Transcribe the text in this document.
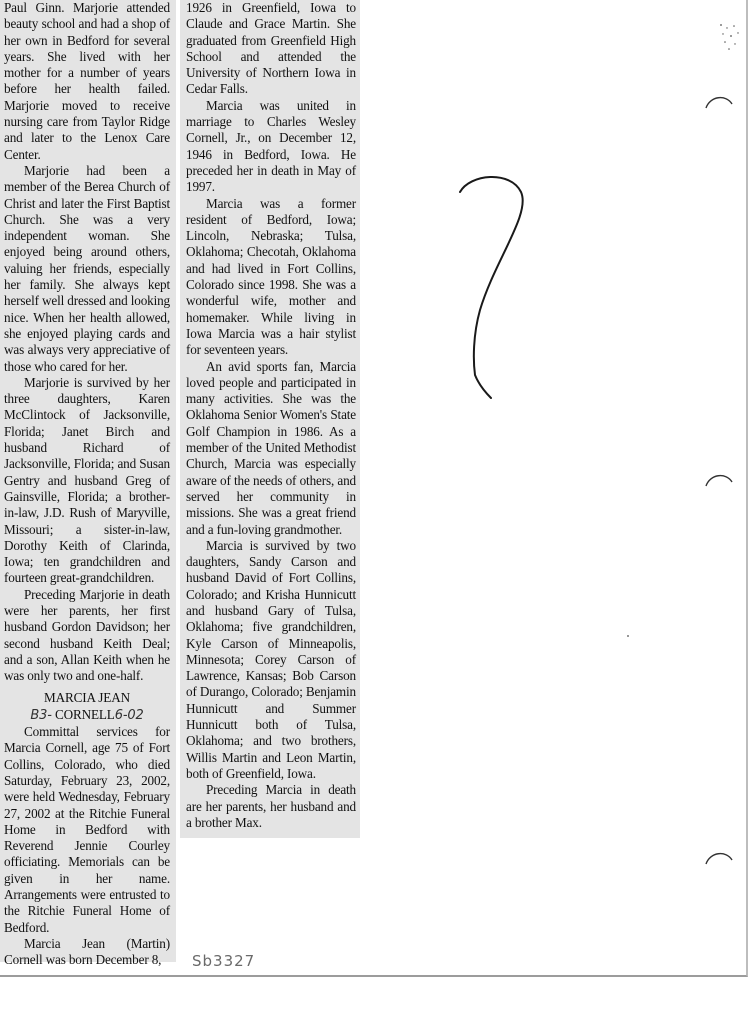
Paul Ginn. Marjorie attended beauty school and had a shop of her own in Bedford for several years. She lived with her mother for a number of years before her health failed. Marjorie moved to receive nursing care from Taylor Ridge and later to the Lenox Care Center.

Marjorie had been a member of the Berea Church of Christ and later the First Baptist Church. She was a very independent woman. She enjoyed being around others, valuing her friends, especially her family. She always kept herself well dressed and looking nice. When her health allowed, she enjoyed playing cards and was always very appreciative of those who cared for her.

Marjorie is survived by her three daughters, Karen McClintock of Jacksonville, Florida; Janet Birch and husband Richard of Jacksonville, Florida; and Susan Gentry and husband Greg of Gainsville, Florida; a brother-in-law, J.D. Rush of Maryville, Missouri; a sister-in-law, Dorothy Keith of Clarinda, Iowa; ten grandchildren and fourteen great-grandchildren.

Preceding Marjorie in death were her parents, her first husband Gordon Davidson; her second husband Keith Deal; and a son, Allan Keith when he was only two and one-half.

MARCIA JEAN

B3- CORNELL6-02

Committal services for Marcia Cornell, age 75 of Fort Collins, Colorado, who died Saturday, February 23, 2002, were held Wednesday, February 27, 2002 at the Ritchie Funeral Home in Bedford with Reverend Jennie Courley officiating. Memorials can be given in her name. Arrangements were entrusted to the Ritchie Funeral Home of Bedford.

Marcia Jean (Martin) Cornell was born December 8,

1926 in Greenfield, Iowa to Claude and Grace Martin. She graduated from Greenfield High School and attended the University of Northern Iowa in Cedar Falls.

Marcia was united in marriage to Charles Wesley Cornell, Jr., on December 12, 1946 in Bedford, Iowa. He preceded her in death in May of 1997.

Marcia was a former resident of Bedford, Iowa; Lincoln, Nebraska; Tulsa, Oklahoma; Checotah, Oklahoma and had lived in Fort Collins, Colorado since 1998. She was a wonderful wife, mother and homemaker. While living in Iowa Marcia was a hair stylist for seventeen years.

An avid sports fan, Marcia loved people and participated in many activities. She was the Oklahoma Senior Women's State Golf Champion in 1986. As a member of the United Methodist Church, Marcia was especially aware of the needs of others, and served her community in missions. She was a great friend and a fun-loving grandmother.

Marcia is survived by two daughters, Sandy Carson and husband David of Fort Collins, Colorado; and Krisha Hunnicutt and husband Gary of Tulsa, Oklahoma; five grandchildren, Kyle Carson of Minneapolis, Minnesota; Corey Carson of Lawrence, Kansas; Bob Carson of Durango, Colorado; Benjamin Hunnicutt and Summer Hunnicutt both of Tulsa, Oklahoma; and two brothers, Willis Martin and Leon Martin, both of Greenfield, Iowa.

Preceding Marcia in death are her parents, her husband and a brother Max.

Sb3327
